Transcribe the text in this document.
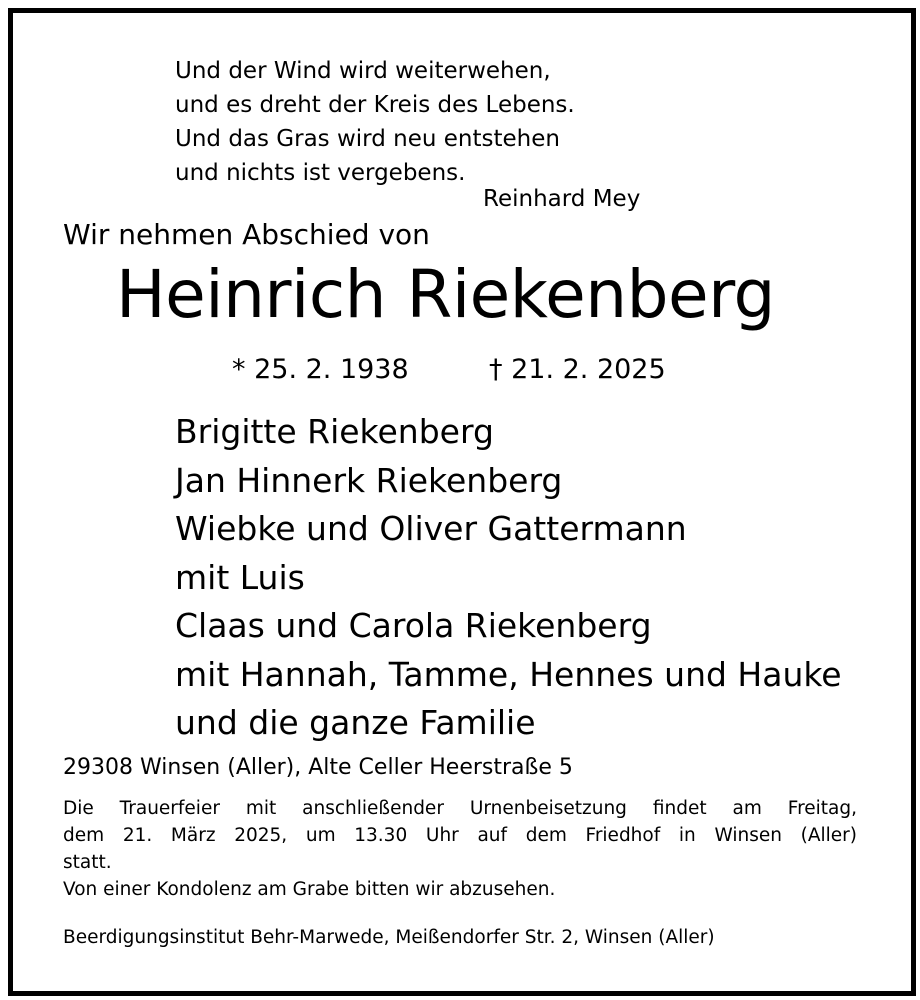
Und der Wind wird weiterwehen,
und es dreht der Kreis des Lebens.
Und das Gras wird neu entstehen
und nichts ist vergebens.
Reinhard Mey
Wir nehmen Abschied von
Heinrich Riekenberg
* 25. 2. 1938	† 21. 2. 2025
Brigitte Riekenberg
Jan Hinnerk Riekenberg
Wiebke und Oliver Gattermann
mit Luis
Claas und Carola Riekenberg
mit Hannah, Tamme, Hennes und Hauke
und die ganze Familie
29308 Winsen (Aller), Alte Celler Heerstraße 5
Die Trauerfeier mit anschließender Urnenbeisetzung findet am Freitag,
dem 21. März 2025, um 13.30 Uhr auf dem Friedhof in Winsen (Aller)
statt.
Von einer Kondolenz am Grabe bitten wir abzusehen.
Beerdigungsinstitut Behr-Marwede, Meißendorfer Str. 2, Winsen (Aller)
